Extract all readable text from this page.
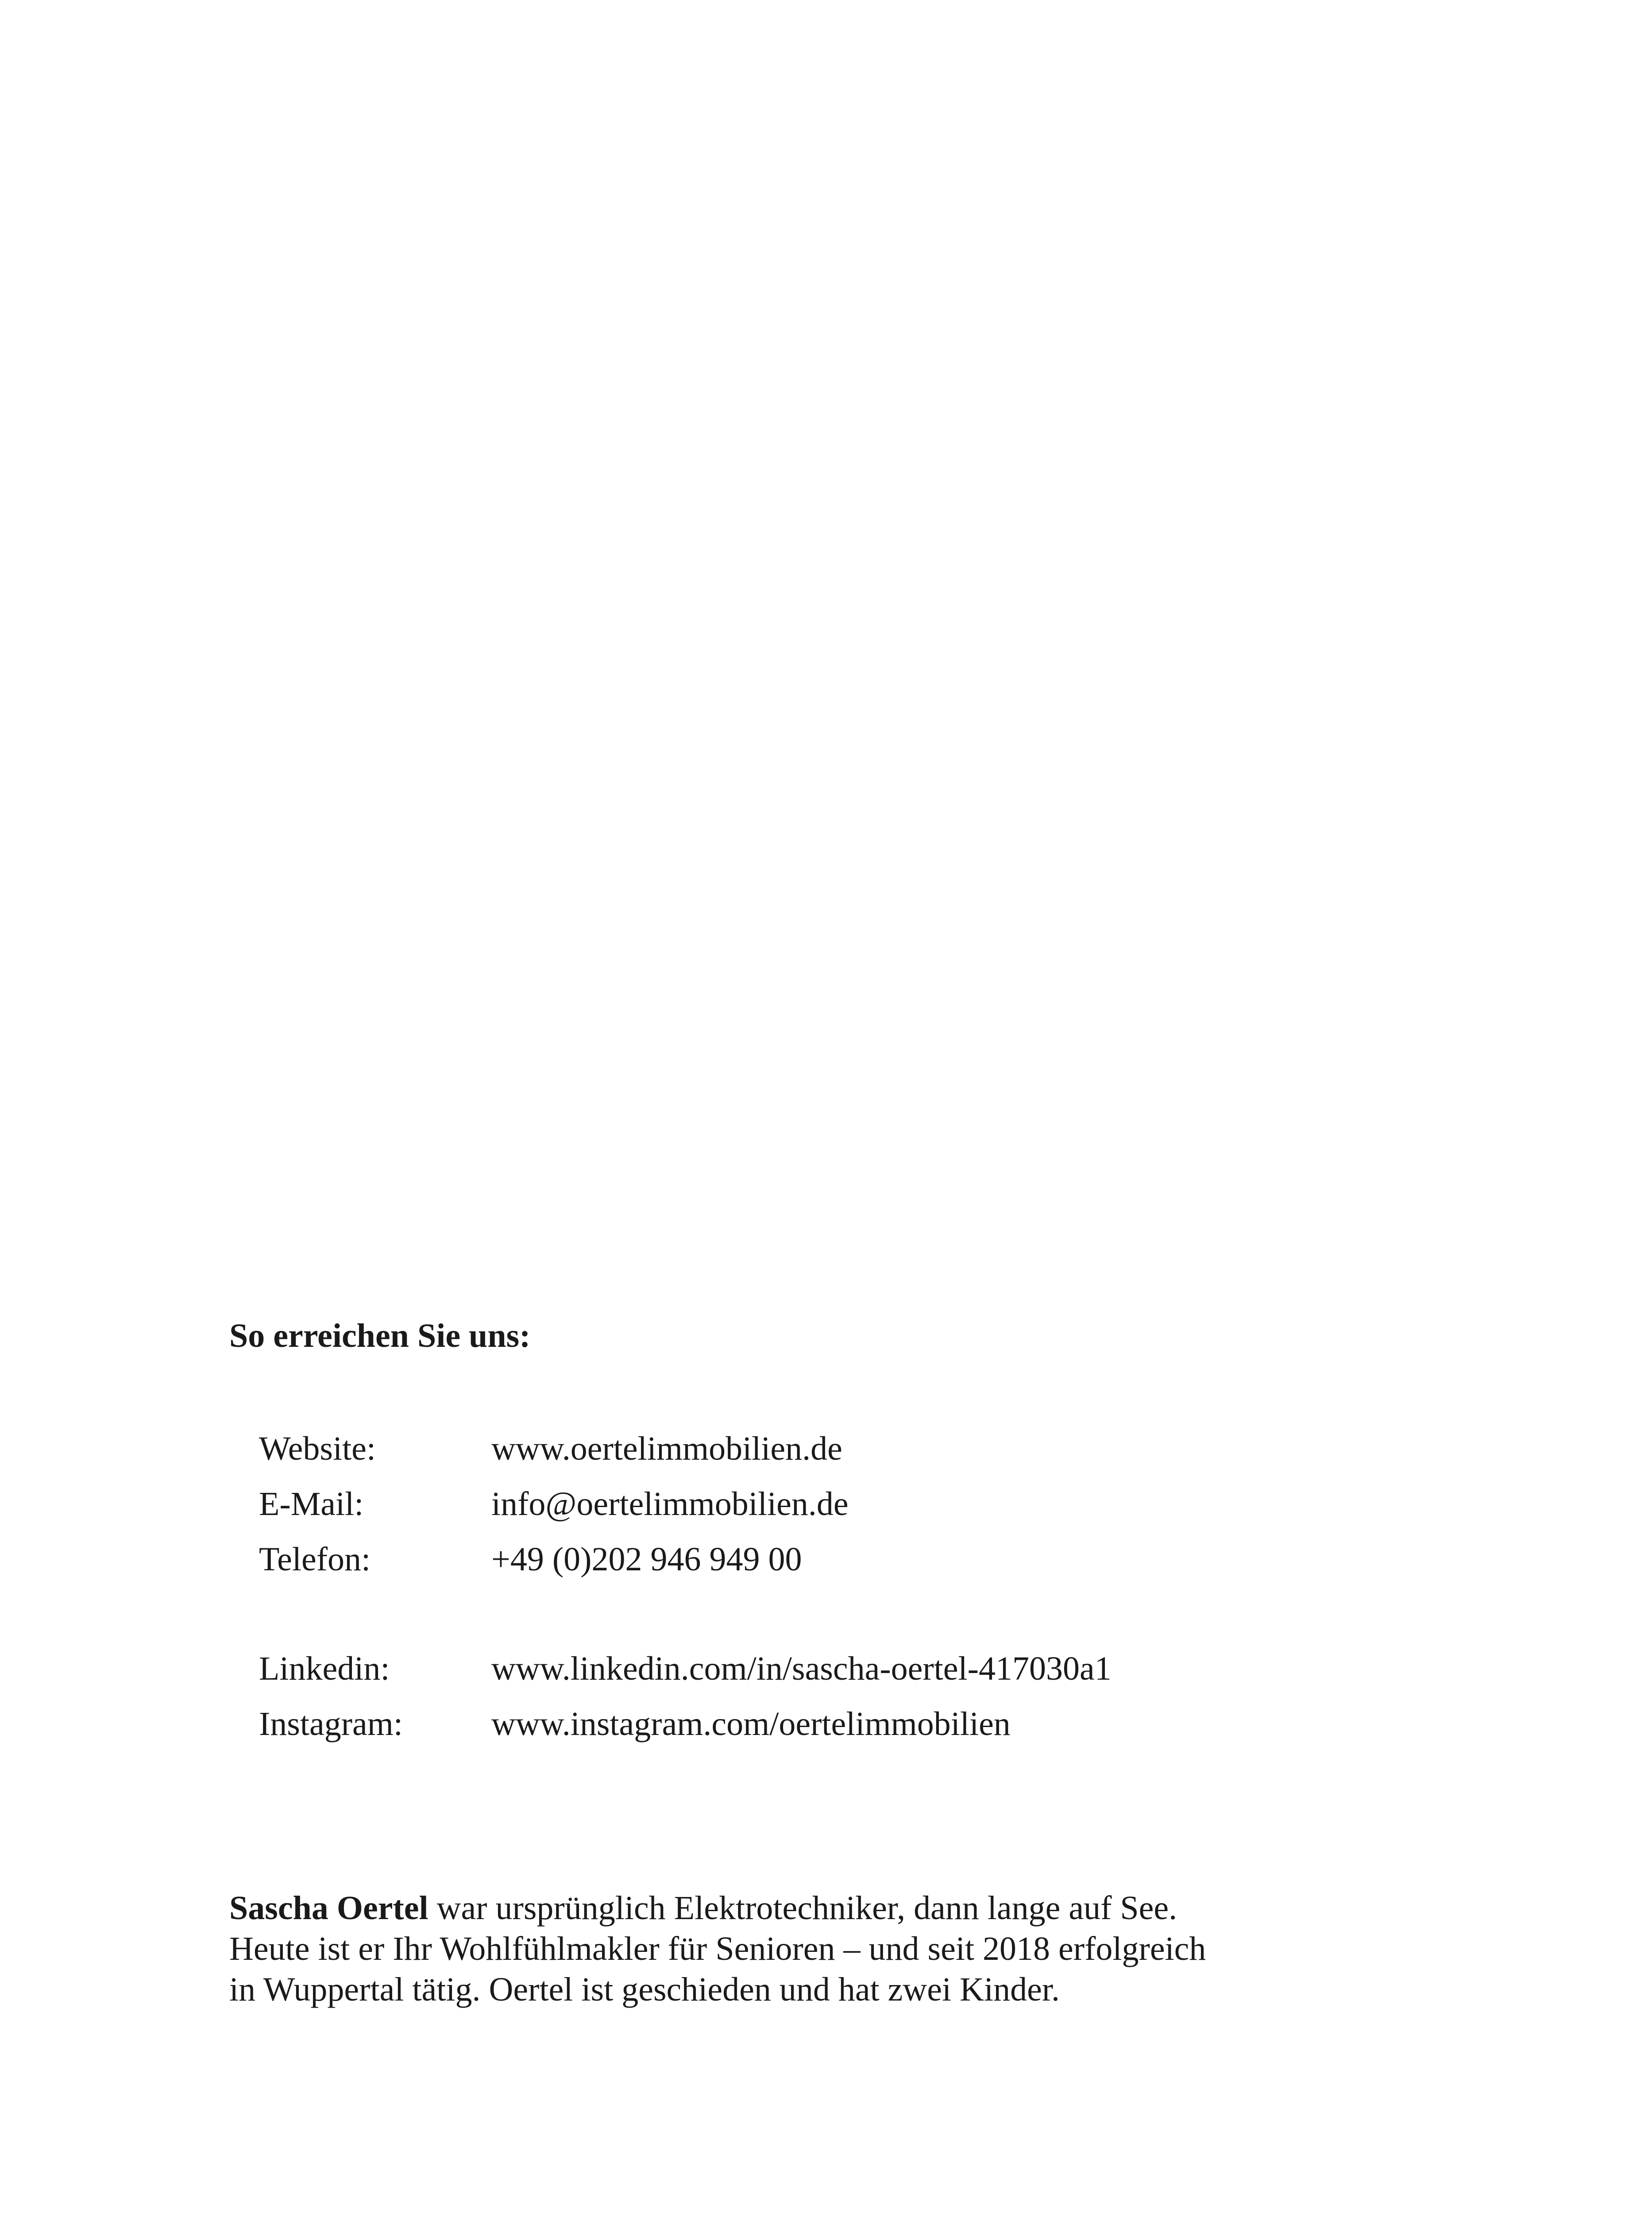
So erreichen Sie uns:
Website:	www.oertelimmobilien.de
E-Mail:	info@oertelimmobilien.de
Telefon:	+49 (0)202 946 949 00
Linkedin:	www.linkedin.com/in/sascha-oertel-417030a1
Instagram:	www.instagram.com/oertelimmobilien
Sascha Oertel war ursprünglich Elektrotechniker, dann lange auf See.
Heute ist er Ihr Wohlfühlmakler für Senioren – und seit 2018 erfolgreich
in Wuppertal tätig. Oertel ist geschieden und hat zwei Kinder.
